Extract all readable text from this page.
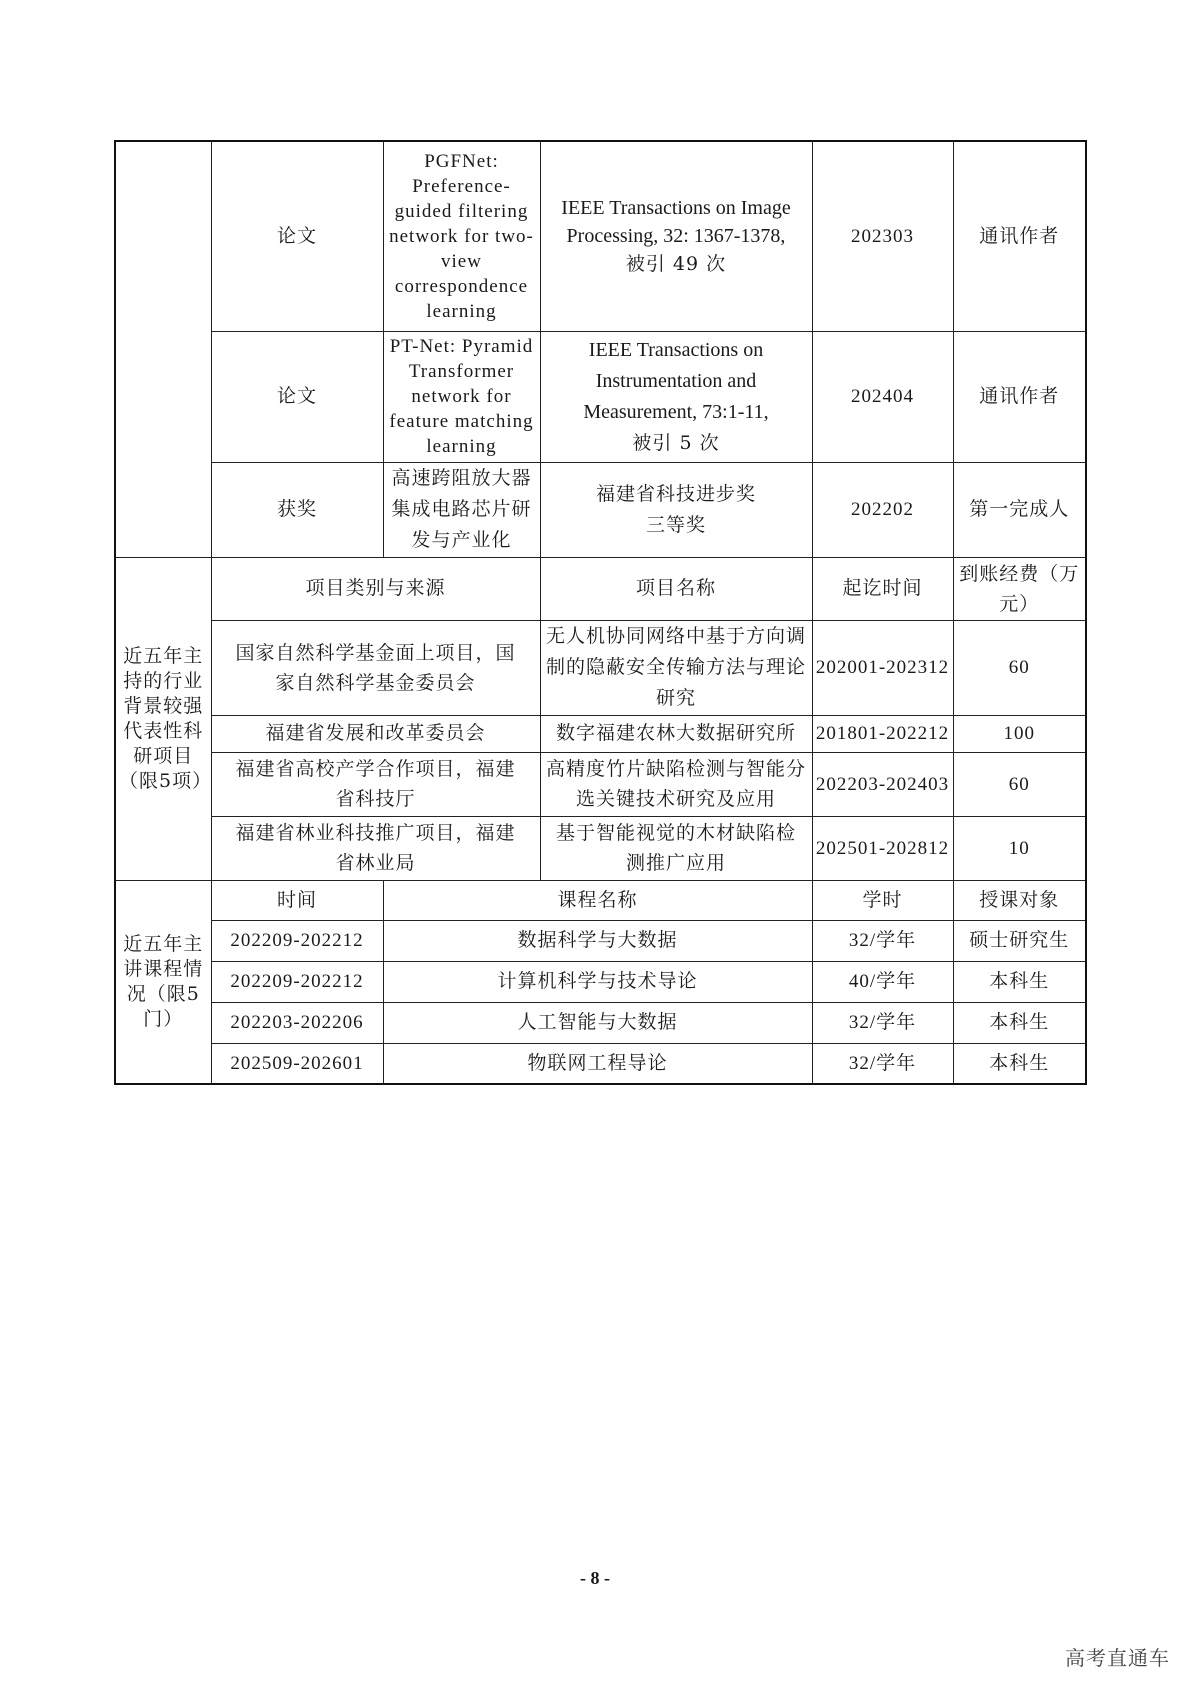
	论文	PGFNet: Preference-guided filtering network for two-view correspondence learning	IEEE Transactions on Image Processing, 32: 1367-1378,
被引 49 次	202303	通讯作者
	论文	PT-Net: Pyramid Transformer network for feature matching learning	IEEE Transactions on Instrumentation and Measurement, 73:1-11,
被引 5 次	202404	通讯作者
	获奖	高速跨阻放大器集成电路芯片研发与产业化	福建省科技进步奖
三等奖	202202	第一完成人
近五年主持的行业背景较强代表性科研项目（限5项）	项目类别与来源		项目名称	起讫时间	到账经费（万元）
	国家自然科学基金面上项目，国家自然科学基金委员会		无人机协同网络中基于方向调制的隐蔽安全传输方法与理论研究	202001-202312	60
	福建省发展和改革委员会		数字福建农林大数据研究所	201801-202212	100
	福建省高校产学合作项目，福建省科技厅		高精度竹片缺陷检测与智能分选关键技术研究及应用	202203-202403	60
	福建省林业科技推广项目，福建省林业局		基于智能视觉的木材缺陷检测推广应用	202501-202812	10
近五年主讲课程情况（限5门）	时间	课程名称		学时	授课对象
	202209-202212	数据科学与大数据		32/学年	硕士研究生
	202209-202212	计算机科学与技术导论		40/学年	本科生
	202203-202206	人工智能与大数据		32/学年	本科生
	202509-202601	物联网工程导论		32/学年	本科生
- 8 -
高考直通车
